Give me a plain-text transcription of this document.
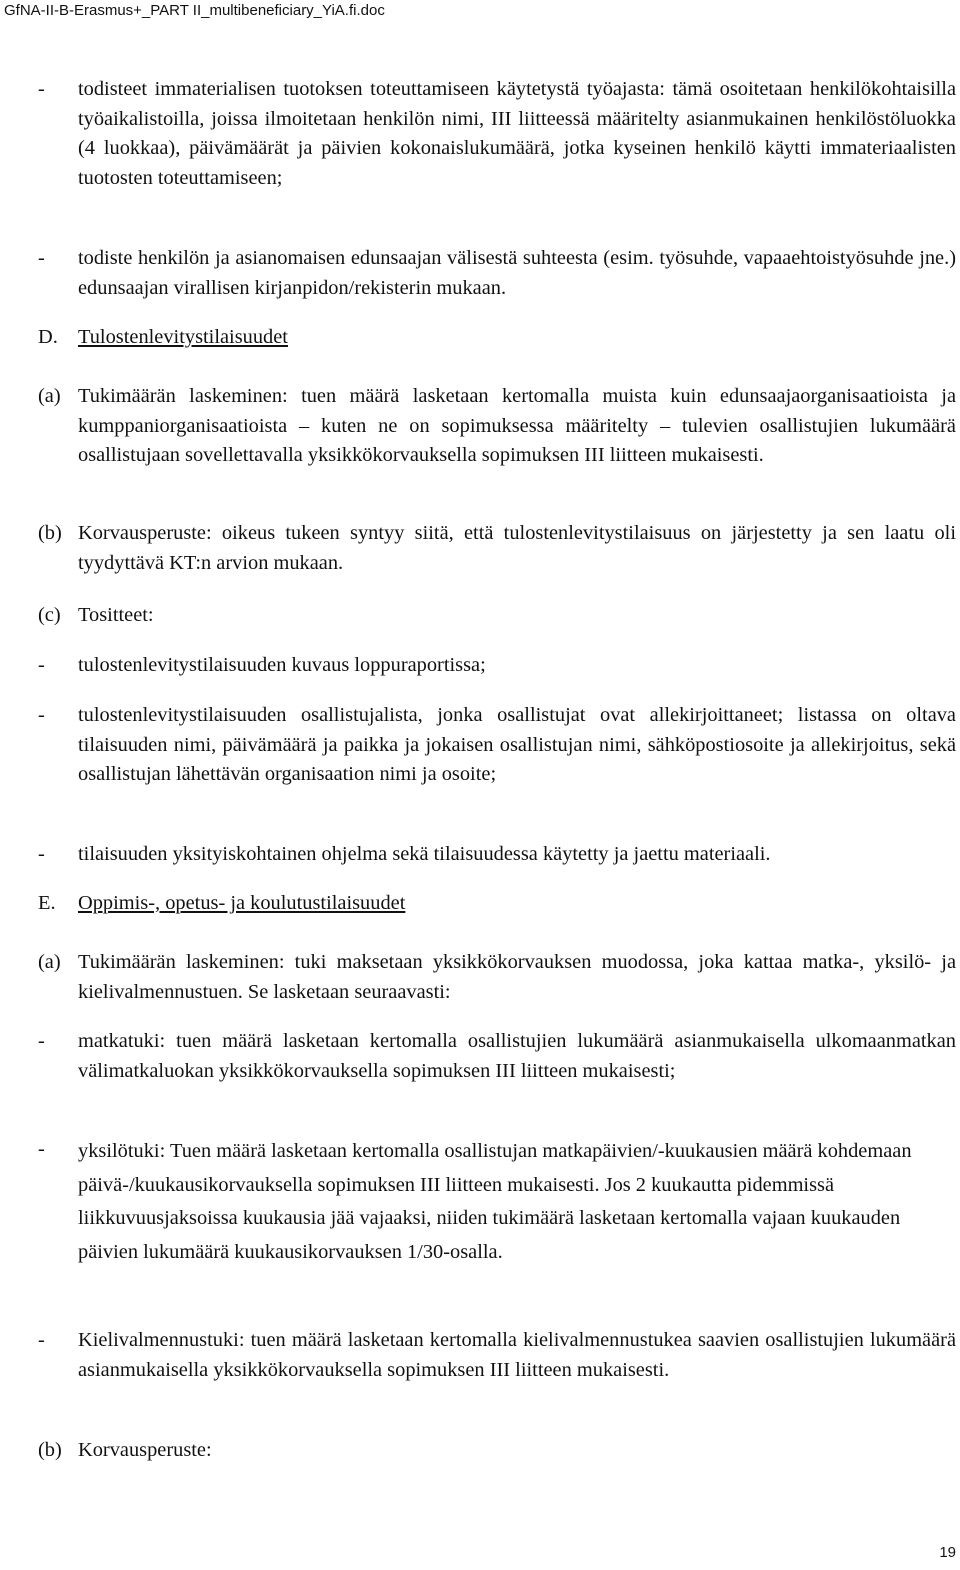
GfNA-II-B-Erasmus+_PART II_multibeneficiary_YiA.fi.doc
-	todisteet immaterialisen tuotoksen toteuttamiseen käytetystä työajasta: tämä osoitetaan henkilökohtaisilla työaikalistoilla, joissa ilmoitetaan henkilön nimi, III liitteessä määritelty asianmukainen henkilöstöluokka (4 luokkaa), päivämäärät ja päivien kokonaislukumäärä, jotka kyseinen henkilö käytti immateriaalisten tuotosten toteuttamiseen;
-	todiste henkilön ja asianomaisen edunsaajan välisestä suhteesta (esim. työsuhde, vapaaehtoistyösuhde jne.) edunsaajan virallisen kirjanpidon/rekisterin mukaan.
D. Tulostenlevitystilaisuudet
(a) Tukimäärän laskeminen: tuen määrä lasketaan kertomalla muista kuin edunsaajaorganisaatioista ja kumppaniorganisaatioista – kuten ne on sopimuksessa määritelty – tulevien osallistujien lukumäärä osallistujaan sovellettavalla yksikkökorvauksella sopimuksen III liitteen mukaisesti.
(b) Korvausperuste: oikeus tukeen syntyy siitä, että tulostenlevitystilaisuus on järjestetty ja sen laatu oli tyydyttävä KT:n arvion mukaan.
(c) Tositteet:
-	tulostenlevitystilaisuuden kuvaus loppuraportissa;
-	tulostenlevitystilaisuuden osallistujalista, jonka osallistujat ovat allekirjoittaneet; listassa on oltava tilaisuuden nimi, päivämäärä ja paikka ja jokaisen osallistujan nimi, sähköpostiosoite ja allekirjoitus, sekä osallistujan lähettävän organisaation nimi ja osoite;
-	tilaisuuden yksityiskohtainen ohjelma sekä tilaisuudessa käytetty ja jaettu materiaali.
E.	Oppimis-, opetus- ja koulutustilaisuudet
(a) Tukimäärän laskeminen: tuki maksetaan yksikkökorvauksen muodossa, joka kattaa matka-, yksilö- ja kielivalmennustuen. Se lasketaan seuraavasti:
-	matkatuki: tuen määrä lasketaan kertomalla osallistujien lukumäärä asianmukaisella ulkomaanmatkan välimatkaluokan yksikkökorvauksella sopimuksen III liitteen mukaisesti;
-	yksilötuki: Tuen määrä lasketaan kertomalla osallistujan matkapäivien/-kuukausien määrä kohdemaan päivä-/kuukausikorvauksella sopimuksen III liitteen mukaisesti. Jos 2 kuukautta pidemmissä liikkuvuusjaksoissa kuukausia jää vajaaksi, niiden tukimäärä lasketaan kertomalla vajaan kuukauden päivien lukumäärä kuukausikorvauksen 1/30-osalla.
-	Kielivalmennustuki: tuen määrä lasketaan kertomalla kielivalmennustukea saavien osallistujien lukumäärä asianmukaisella yksikkökorvauksella sopimuksen III liitteen mukaisesti.
(b) Korvausperuste:
19
